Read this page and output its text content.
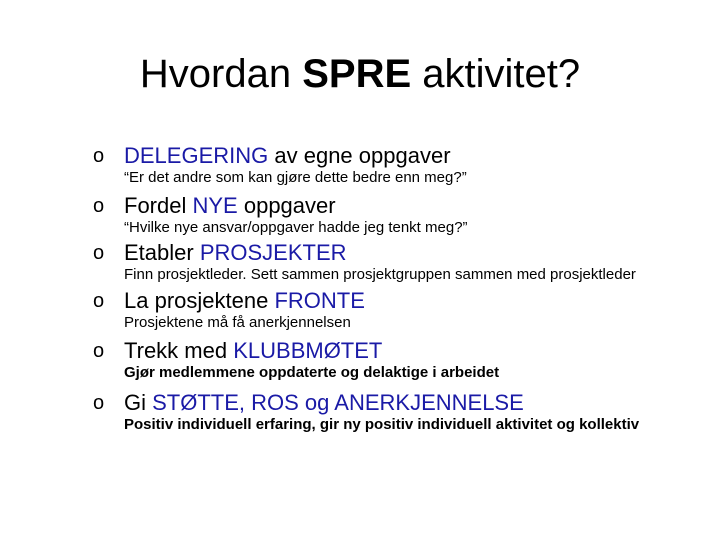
Hvordan SPRE aktivitet?
o DELEGERING av egne oppgaver
“Er det andre som kan gjøre dette bedre enn meg?”
o Fordel NYE oppgaver
“Hvilke nye ansvar/oppgaver hadde jeg tenkt meg?”
o Etabler PROSJEKTER
Finn prosjektleder. Sett sammen prosjektgruppen sammen med prosjektleder
o La prosjektene FRONTE
Prosjektene må få anerkjennelsen
o Trekk med KLUBBMØTET
Gjør medlemmene oppdaterte og delaktige i arbeidet
o Gi STØTTE, ROS og ANERKJENNELSE
Positiv individuell erfaring, gir ny positiv individuell aktivitet og kollektiv
